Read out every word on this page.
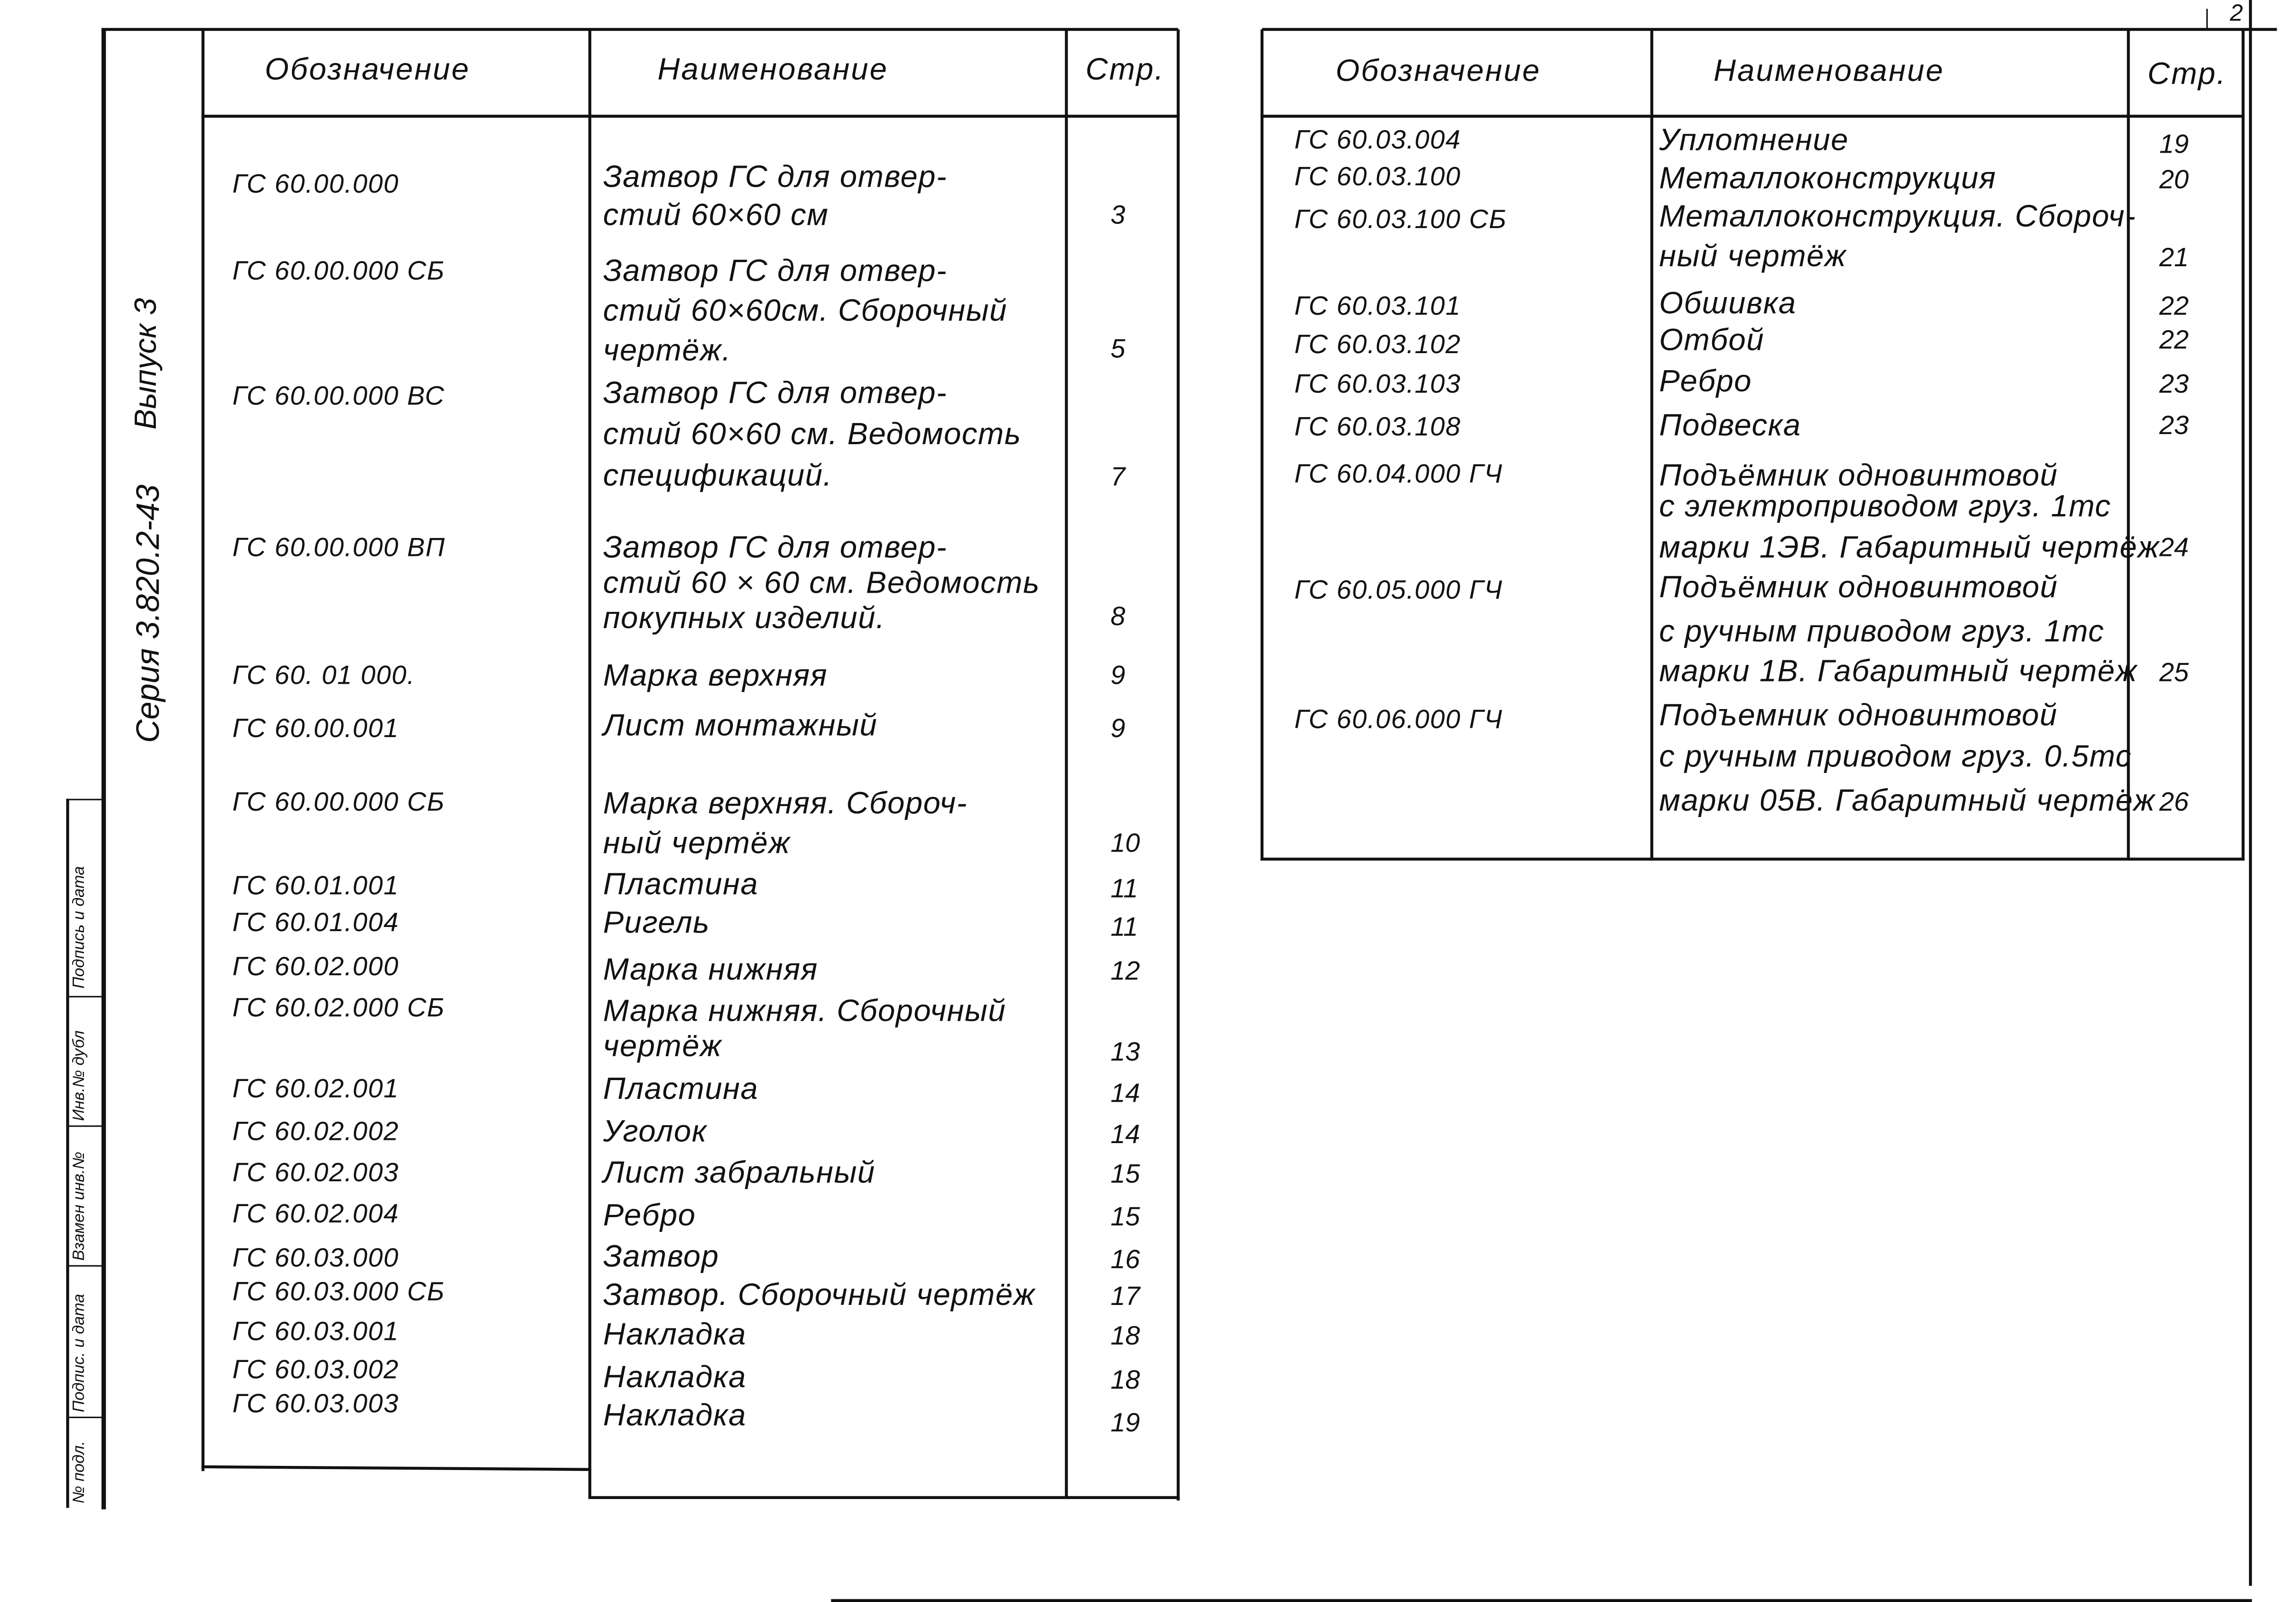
2
Выпуск 3
Серия 3.820.2-43
Подпись и дата
Инв.№ дубл
Взамен инв.№
Подпис. и дата
№ подл.
Обозначение	Наименование	Стр.
ГС 60.00.000	Затвор ГС для отвер-
стий 60×60 см	3
ГС 60.00.000 СБ	Затвор ГС для отвер-
стий 60×60см. Сборочный
чертёж.	5
ГС 60.00.000 ВС	Затвор ГС для отвер-
стий 60×60 см. Ведомость
спецификаций.	7
ГС 60.00.000 ВП	Затвор ГС для отвер-
стий 60 × 60 см. Ведомость
покупных изделий.	8
ГС 60. 01 000.	Марка верхняя	9
ГС 60.00.001	Лист монтажный	9
ГС 60.00.000 СБ	Марка верхняя. Сбороч-
ный чертёж	10
ГС 60.01.001	Пластина	11
ГС 60.01.004	Ригель	11
ГС 60.02.000	Марка нижняя	12
ГС 60.02.000 СБ	Марка нижняя. Сборочный
чертёж	13
ГС 60.02.001	Пластина	14
ГС 60.02.002	Уголок	14
ГС 60.02.003	Лист забральный	15
ГС 60.02.004	Ребро	15
ГС 60.03.000	Затвор	16
ГС 60.03.000 СБ	Затвор. Сборочный чертёж	17
ГС 60.03.001	Накладка	18
ГС 60.03.002	Накладка	18
ГС 60.03.003	Накладка	19
Обозначение	Наименование	Стр.
ГС 60.03.004	Уплотнение	19
ГС 60.03.100	Металлоконструкция	20
ГС 60.03.100 СБ	Металлоконструкция. Сбороч-
ный чертёж	21
ГС 60.03.101	Обшивка	22
ГС 60.03.102	Отбой	22
ГС 60.03.103	Ребро	23
ГС 60.03.108	Подвеска	23
ГС 60.04.000 ГЧ	Подъёмник одновинтовой
с электроприводом груз. 1тс
марки 1ЭВ. Габаритный чертёж 24
ГС 60.05.000 ГЧ	Подъёмник одновинтовой
с ручным приводом груз. 1тс
марки 1В. Габаритный чертёж	25
ГС 60.06.000 ГЧ	Подъемник одновинтовой
с ручным приводом груз. 0.5тс
марки 05В. Габаритный чертёж 26
